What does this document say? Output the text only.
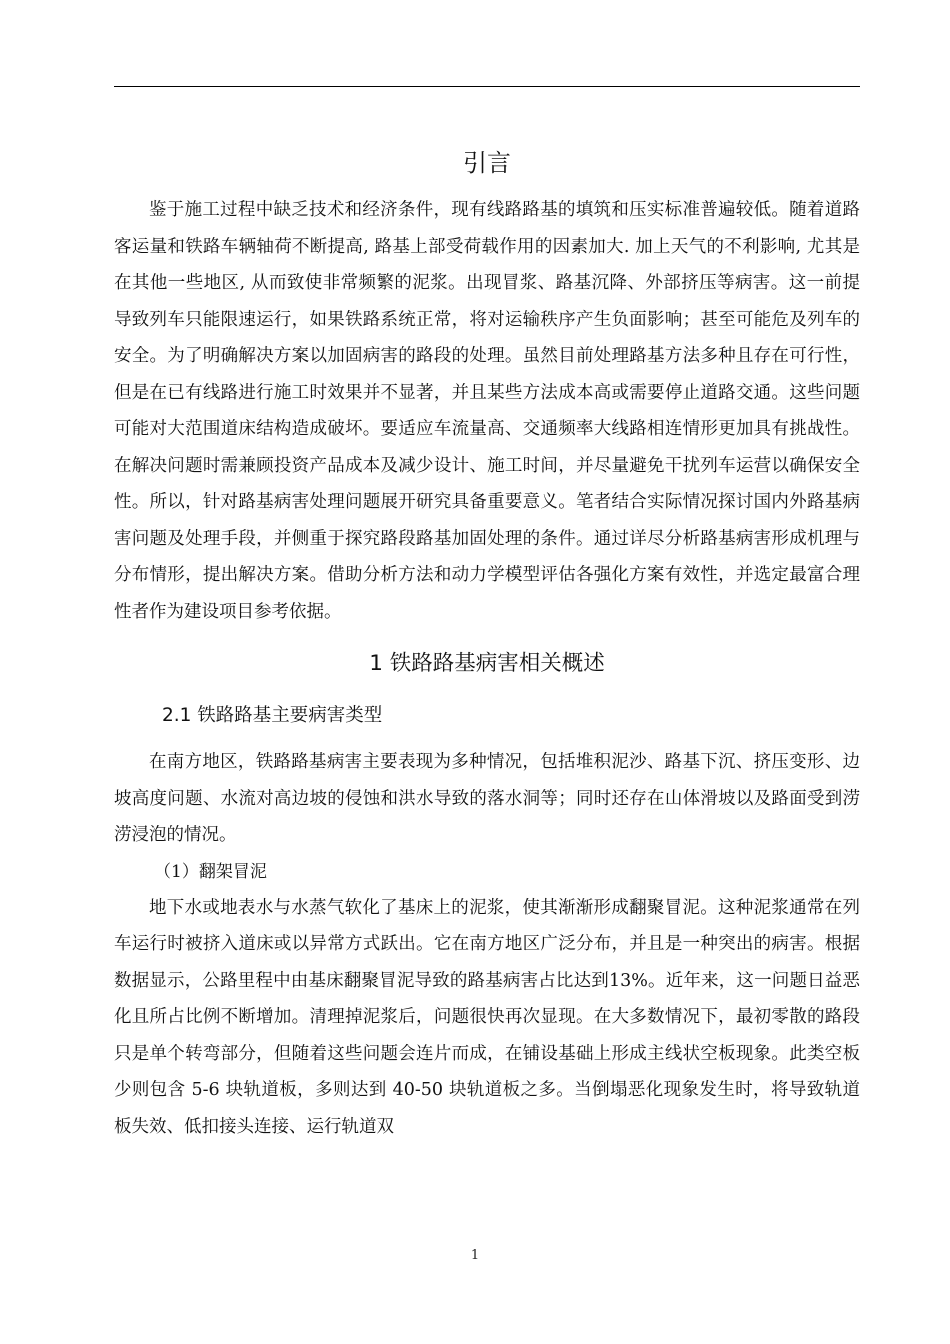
引言

鉴于施工过程中缺乏技术和经济条件，现有线路路基的填筑和压实标准普遍较低。随着道路客运量和铁路车辆轴荷不断提高, 路基上部受荷载作用的因素加大. 加上天气的不利影响, 尤其是在其他一些地区, 从而致使非常频繁的泥浆。出现冒浆、路基沉降、外部挤压等病害。这一前提导致列车只能限速运行，如果铁路系统正常，将对运输秩序产生负面影响；甚至可能危及列车的安全。为了明确解决方案以加固病害的路段的处理。虽然目前处理路基方法多种且存在可行性，但是在已有线路进行施工时效果并不显著，并且某些方法成本高或需要停止道路交通。这些问题可能对大范围道床结构造成破坏。要适应车流量高、交通频率大线路相连情形更加具有挑战性。在解决问题时需兼顾投资产品成本及减少设计、施工时间，并尽量避免干扰列车运营以确保安全性。所以，针对路基病害处理问题展开研究具备重要意义。笔者结合实际情况探讨国内外路基病害问题及处理手段，并侧重于探究路段路基加固处理的条件。通过详尽分析路基病害形成机理与分布情形，提出解决方案。借助分析方法和动力学模型评估各强化方案有效性，并选定最富合理性者作为建设项目参考依据。

1 铁路路基病害相关概述
2.1 铁路路基主要病害类型

在南方地区，铁路路基病害主要表现为多种情况，包括堆积泥沙、路基下沉、挤压变形、边坡高度问题、水流对高边坡的侵蚀和洪水导致的落水洞等；同时还存在山体滑坡以及路面受到涝涝浸泡的情况。

（1）翻架冒泥

地下水或地表水与水蒸气软化了基床上的泥浆，使其渐渐形成翻聚冒泥。这种泥浆通常在列车运行时被挤入道床或以异常方式跃出。它在南方地区广泛分布，并且是一种突出的病害。根据数据显示，公路里程中由基床翻聚冒泥导致的路基病害占比达到13%。近年来，这一问题日益恶化且所占比例不断增加。清理掉泥浆后，问题很快再次显现。在大多数情况下，最初零散的路段只是单个转弯部分，但随着这些问题会连片而成，在铺设基础上形成主线状空板现象。此类空板少则包含 5-6 块轨道板，多则达到 40-50 块轨道板之多。当倒塌恶化现象发生时，将导致轨道板失效、低扣接头连接、运行轨道双

1
